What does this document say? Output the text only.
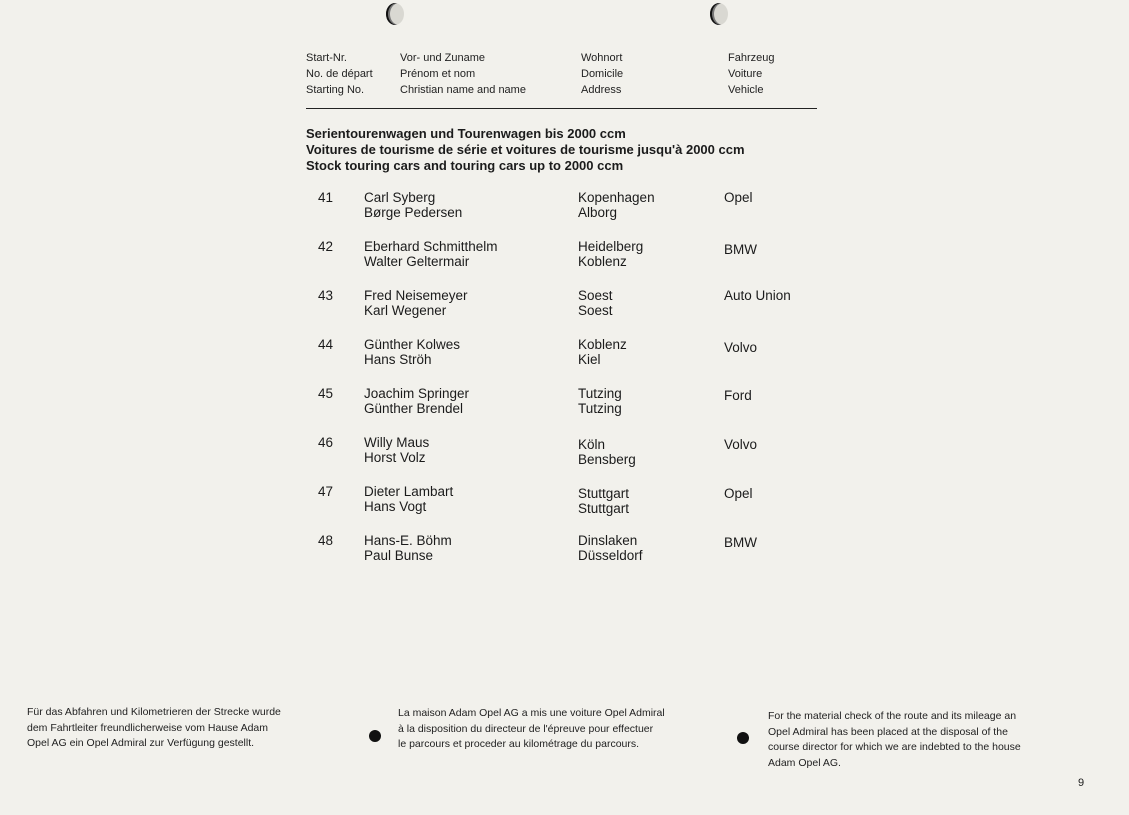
Start-Nr.
No. de départ
Starting No.
Vor- und Zuname
Prénom et nom
Christian name and name
Wohnort
Domicile
Address
Fahrzeug
Voiture
Vehicle
Serientourenwagen und Tourenwagen bis 2000 ccm
Voitures de tourisme de série et voitures de tourisme jusqu'à 2000 ccm
Stock touring cars and touring cars up to 2000 ccm
41 Carl Syberg
Børge Pedersen
Kopenhagen
Alborg
Opel
42 Eberhard Schmitthelm
Walter Geltermair
Heidelberg
Koblenz
BMW
43 Fred Neisemeyer
Karl Wegener
Soest
Soest
Auto Union
44 Günther Kolwes
Hans Ströh
Koblenz
Kiel
Volvo
45 Joachim Springer
Günther Brendel
Tutzing
Tutzing
Ford
46 Willy Maus
Horst Volz
Köln
Bensberg
Volvo
47 Dieter Lambart
Hans Vogt
Stuttgart
Stuttgart
Opel
48 Hans-E. Böhm
Paul Bunse
Dinslaken
Düsseldorf
BMW
Für das Abfahren und Kilometrieren der Strecke wurde
dem Fahrtleiter freundlicherweise vom Hause Adam
Opel AG ein Opel Admiral zur Verfügung gestellt.
La maison Adam Opel AG a mis une voiture Opel Admiral
à la disposition du directeur de l'épreuve pour effectuer
le parcours et proceder au kilométrage du parcours.
For the material check of the route and its mileage an
Opel Admiral has been placed at the disposal of the
course director for which we are indebted to the house
Adam Opel AG.
9
